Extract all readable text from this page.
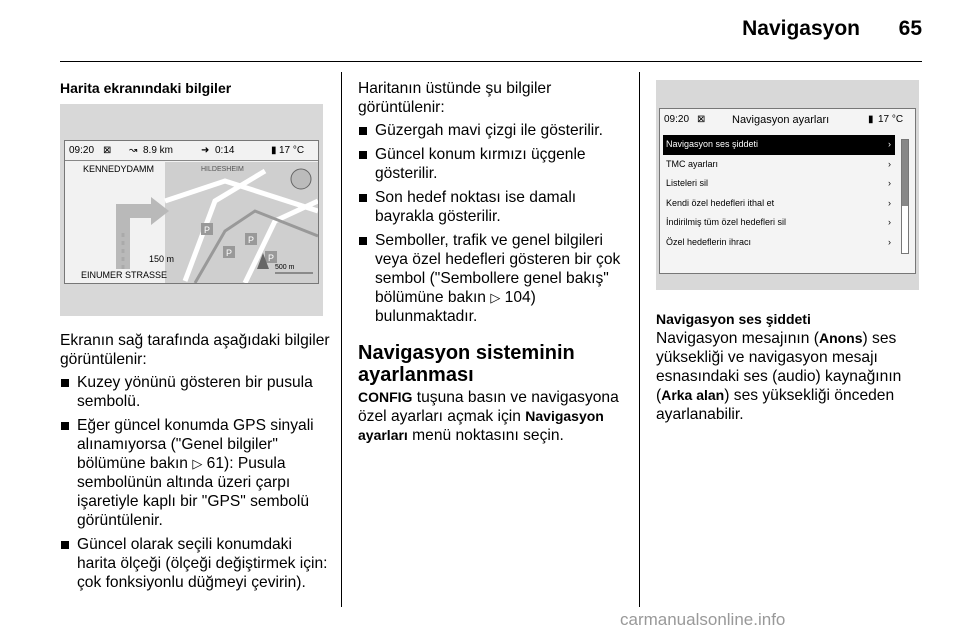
Navigasyon	65
Harita ekranındaki bilgiler
P
P
P
P
09:20 ⊠ ↝ 8.9 km	➜ 0:14	▮ 17 °C
KENNEDYDAMM	HILDESHEIM
150 m
EINUMER STRASSE
500 m

Ekranın sağ tarafında aşağıdaki bilgiler görüntülenir:

Kuzey yönünü gösteren bir pusula sembolü.
Eğer güncel konumda GPS sinyali alınamıyorsa ("Genel bilgiler" bölümüne bakın ▷ 61): Pusula sembolünün altında üzeri çarpı işaretiyle kaplı bir "GPS" sembolü görüntülenir.
Güncel olarak seçili konumdaki harita ölçeği (ölçeği değiştirmek için: çok fonksiyonlu düğmeyi çevirin).

Haritanın üstünde şu bilgiler görüntülenir:

Güzergah mavi çizgi ile gösterilir.
Güncel konum kırmızı üçgenle gösterilir.
Son hedef noktası ise damalı bayrakla gösterilir.
Semboller, trafik ve genel bilgileri veya özel hedefleri gösteren bir çok sembol ("Sembollere genel bakış" bölümüne bakın ▷ 104) bulunmaktadır.
Navigasyon sisteminin ayarlanması

CONFIG tuşuna basın ve navigasyona özel ayarları açmak için Navigasyon ayarları menü noktasını seçin.

09:20 ⊠ Navigasyon ayarları	▮ 17 °C
Navigasyon ses şiddeti	›
TMC ayarları	›
Listeleri sil	›
Kendi özel hedefleri ithal et	›
İndirilmiş tüm özel hedefleri sil	›
Özel hedeflerin ihracı	›
Navigasyon ses şiddeti

Navigasyon mesajının (Anons) ses yüksekliği ve navigasyon mesajı esnasındaki ses (audio) kaynağının (Arka alan) ses yüksekliği önceden ayarlanabilir.

carmanualsonline.info
